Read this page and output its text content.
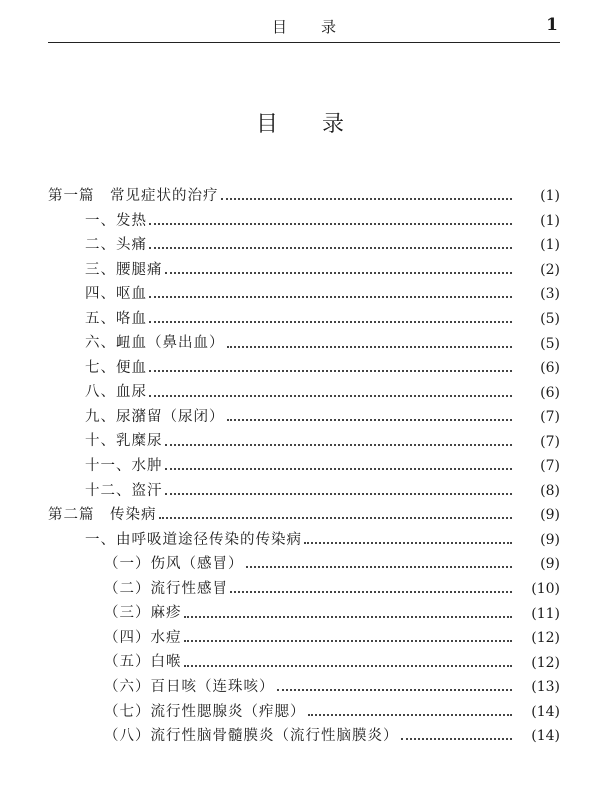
目录	1
目录
第一篇　常见症状的治疗	(1)
一、发热	(1)
二、头痛	(1)
三、腰腿痛	(2)
四、呕血	(3)
五、咯血	(5)
六、衄血（鼻出血）	(5)
七、便血	(6)
八、血尿	(6)
九、尿潴留（尿闭）	(7)
十、乳糜尿	(7)
十一、水肿	(7)
十二、盗汗	(8)
第二篇　传染病	(9)
一、由呼吸道途径传染的传染病	(9)
（一）伤风（感冒）	(9)
（二）流行性感冒	(10)
（三）麻疹	(11)
（四）水痘	(12)
（五）白喉	(12)
（六）百日咳（连珠咳）	(13)
（七）流行性腮腺炎（痄腮）	(14)
（八）流行性脑骨髓膜炎（流行性脑膜炎）	(14)
